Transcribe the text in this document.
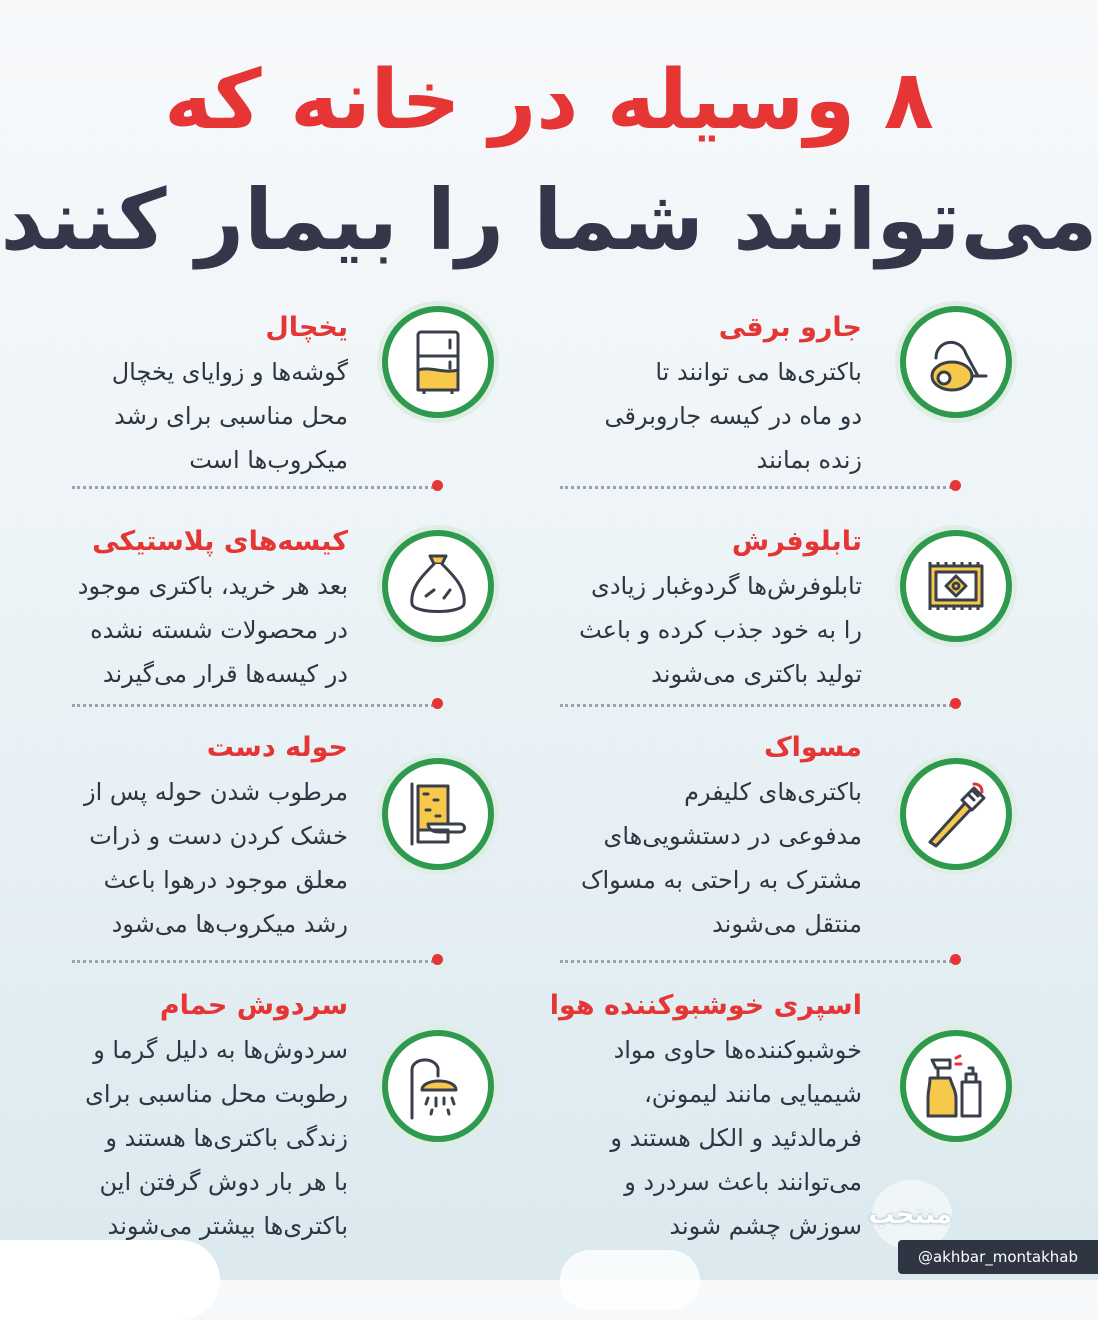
۸ وسیله در خانه که
می‌توانند شما را بیمار کنند
جارو برقی
باکتری‌ها می توانند تا
دو ماه در کیسه جاروبرقی
زنده بمانند
یخچال
گوشه‌ها و زوایای یخچال
محل مناسبی برای رشد
میکروب‌ها است
تابلوفرش
تابلوفرش‌ها گردوغبار زیادی
را به خود جذب کرده و باعث
تولید باکتری می‌شوند
کیسه‌های پلاستیکی
بعد هر خرید، باکتری موجود
در محصولات شسته نشده
در کیسه‌ها قرار می‌گیرند
مسواک
باکتری‌های کلیفرم
مدفوعی در دستشویی‌های
مشترک به راحتی به مسواک
منتقل می‌شوند
حوله دست
مرطوب شدن حوله پس از
خشک کردن دست و ذرات
معلق موجود درهوا باعث
رشد میکروب‌ها می‌شود
اسپری خوشبوکننده هوا
خوشبوکننده‌ها حاوی مواد
شیمیایی مانند لیمونن،
فرمالدئید و الکل هستند و
می‌توانند باعث سردرد و
سوزش چشم شوند
سردوش حمام
سردوش‌ها به دلیل گرما و
رطوبت محل مناسبی برای
زندگی باکتری‌ها هستند و
با هر بار دوش گرفتن این
باکتری‌ها بیشتر می‌شوند	منتخب
@akhbar_montakhab
